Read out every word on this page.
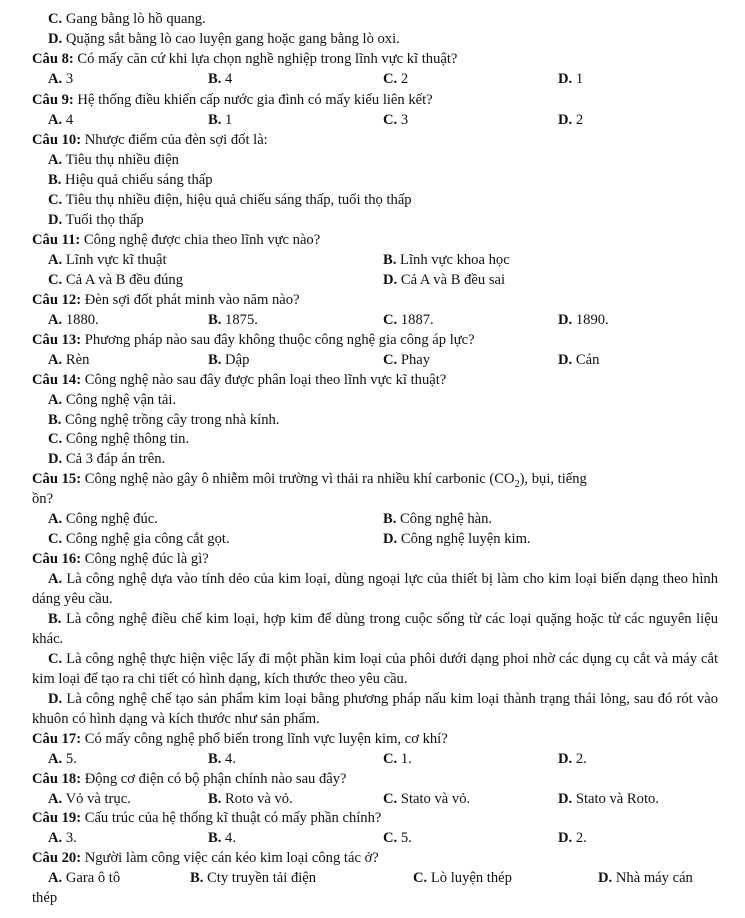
C. Gang bằng lò hồ quang.
D. Quặng sắt bằng lò cao luyện gang hoặc gang bằng lò oxi.
Câu 8: Có mấy căn cứ khi lựa chọn nghề nghiệp trong lĩnh vực kĩ thuật?
A. 3	B. 4	C. 2	D. 1
Câu 9: Hệ thống điều khiển cấp nước gia đình có mấy kiểu liên kết?
A. 4	B. 1	C. 3	D. 2
Câu 10: Nhược điểm của đèn sợi đốt là:
A. Tiêu thụ nhiều điện
B. Hiệu quả chiếu sáng thấp
C. Tiêu thụ nhiều điện, hiệu quả chiếu sáng thấp, tuổi thọ thấp
D. Tuổi thọ thấp
Câu 11: Công nghệ được chia theo lĩnh vực nào?
A. Lĩnh vực kĩ thuật	B. Lĩnh vực khoa học
C. Cả A và B đều đúng	D. Cả A và B đều sai
Câu 12: Đèn sợi đốt phát minh vào năm nào?
A. 1880.	B. 1875.	C. 1887.	D. 1890.
Câu 13: Phương pháp nào sau đây không thuộc công nghệ gia công áp lực?
A. Rèn	B. Dập	C. Phay	D. Cán
Câu 14: Công nghệ nào sau đây được phân loại theo lĩnh vực kĩ thuật?
A. Công nghệ vận tải.
B. Công nghệ trồng cây trong nhà kính.
C. Công nghệ thông tin.
D. Cả 3 đáp án trên.
Câu 15: Công nghệ nào gây ô nhiễm môi trường vì thải ra nhiều khí carbonic $(CO_2)$, bụi, tiếng
ồn?
A. Công nghệ đúc.	B. Công nghệ hàn.
C. Công nghệ gia công cắt gọt.	D. Công nghệ luyện kim.
Câu 16: Công nghệ đúc là gì?
A. Là công nghệ dựa vào tính dẻo của kim loại, dùng ngoại lực của thiết bị làm cho kim loại biến dạng theo hình dáng yêu cầu.
B. Là công nghệ điều chế kim loại, hợp kim để dùng trong cuộc sống từ các loại quặng hoặc từ các nguyên liệu khác.
C. Là công nghệ thực hiện việc lấy đi một phần kim loại của phôi dưới dạng phoi nhờ các dụng cụ cắt và máy cắt kim loại để tạo ra chi tiết có hình dạng, kích thước theo yêu cầu.
D. Là công nghệ chế tạo sản phẩm kim loại bằng phương pháp nấu kim loại thành trạng thái lỏng, sau đó rót vào khuôn có hình dạng và kích thước như sản phẩm.
Câu 17: Có mấy công nghệ phổ biến trong lĩnh vực luyện kim, cơ khí?
A. 5.	B. 4.	C. 1.	D. 2.
Câu 18: Động cơ điện có bộ phận chính nào sau đây?
A. Vỏ và trục.	B. Roto và vỏ.	C. Stato và vỏ.	D. Stato và Roto.
Câu 19: Cấu trúc của hệ thống kĩ thuật có mấy phần chính?
A. 3.	B. 4.	C. 5.	D. 2.
Câu 20: Người làm công việc cán kéo kim loại công tác ở?
A. Gara ô tô	B. Cty truyền tải điện	C. Lò luyện thép	D. Nhà máy cán
thép
